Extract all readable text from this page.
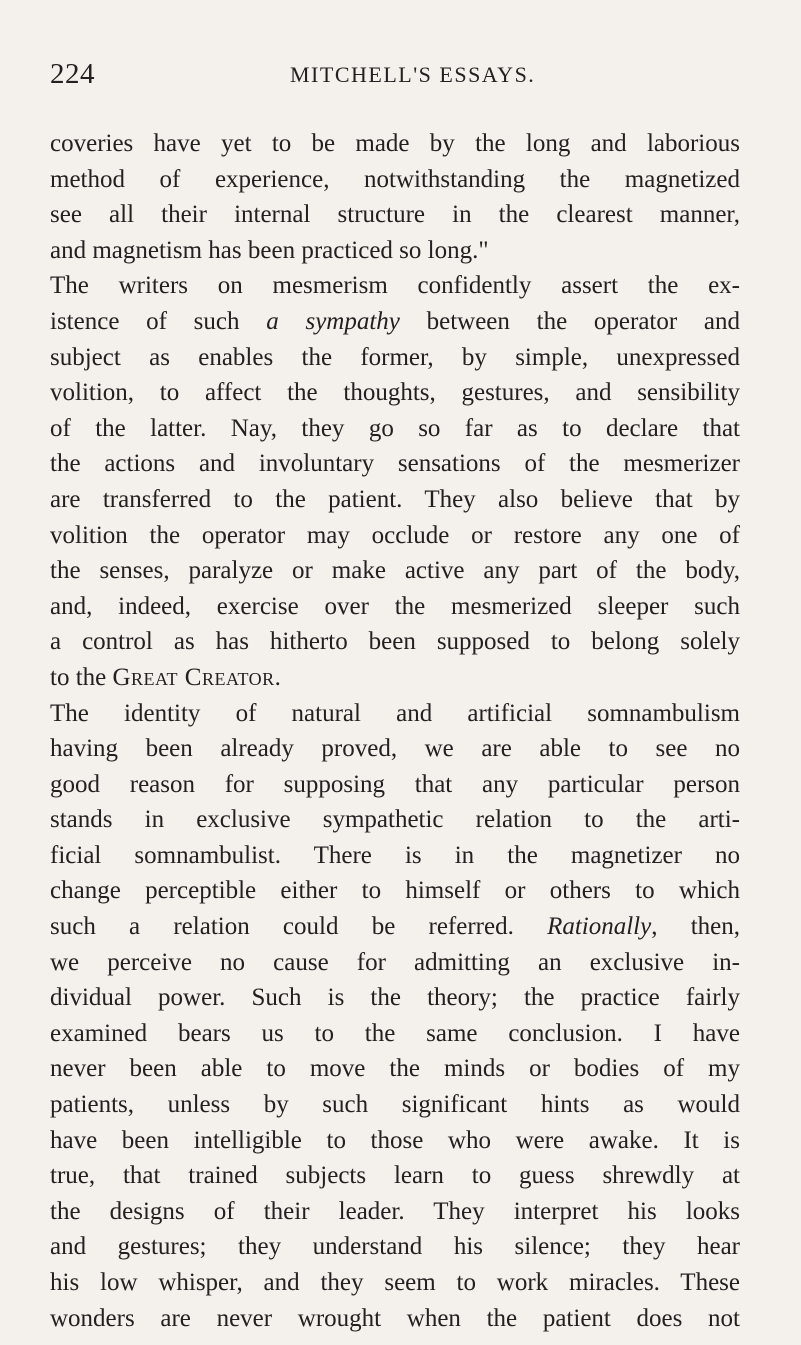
224	MITCHELL'S ESSAYS.
coveries have yet to be made by the long and laborious
method of experience, notwithstanding the magnetized
see all their internal structure in the clearest manner,
and magnetism has been practiced so long."
The writers on mesmerism confidently assert the ex-
istence of such a sympathy between the operator and
subject as enables the former, by simple, unexpressed
volition, to affect the thoughts, gestures, and sensibility
of the latter. Nay, they go so far as to declare that
the actions and involuntary sensations of the mesmerizer
are transferred to the patient. They also believe that by
volition the operator may occlude or restore any one of
the senses, paralyze or make active any part of the body,
and, indeed, exercise over the mesmerized sleeper such
a control as has hitherto been supposed to belong solely
to the Great Creator.
The identity of natural and artificial somnambulism
having been already proved, we are able to see no
good reason for supposing that any particular person
stands in exclusive sympathetic relation to the arti-
ficial somnambulist. There is in the magnetizer no
change perceptible either to himself or others to which
such a relation could be referred. Rationally, then,
we perceive no cause for admitting an exclusive in-
dividual power. Such is the theory; the practice fairly
examined bears us to the same conclusion. I have
never been able to move the minds or bodies of my
patients, unless by such significant hints as would
have been intelligible to those who were awake. It is
true, that trained subjects learn to guess shrewdly at
the designs of their leader. They interpret his looks
and gestures; they understand his silence; they hear
his low whisper, and they seem to work miracles. These
wonders are never wrought when the patient does not
